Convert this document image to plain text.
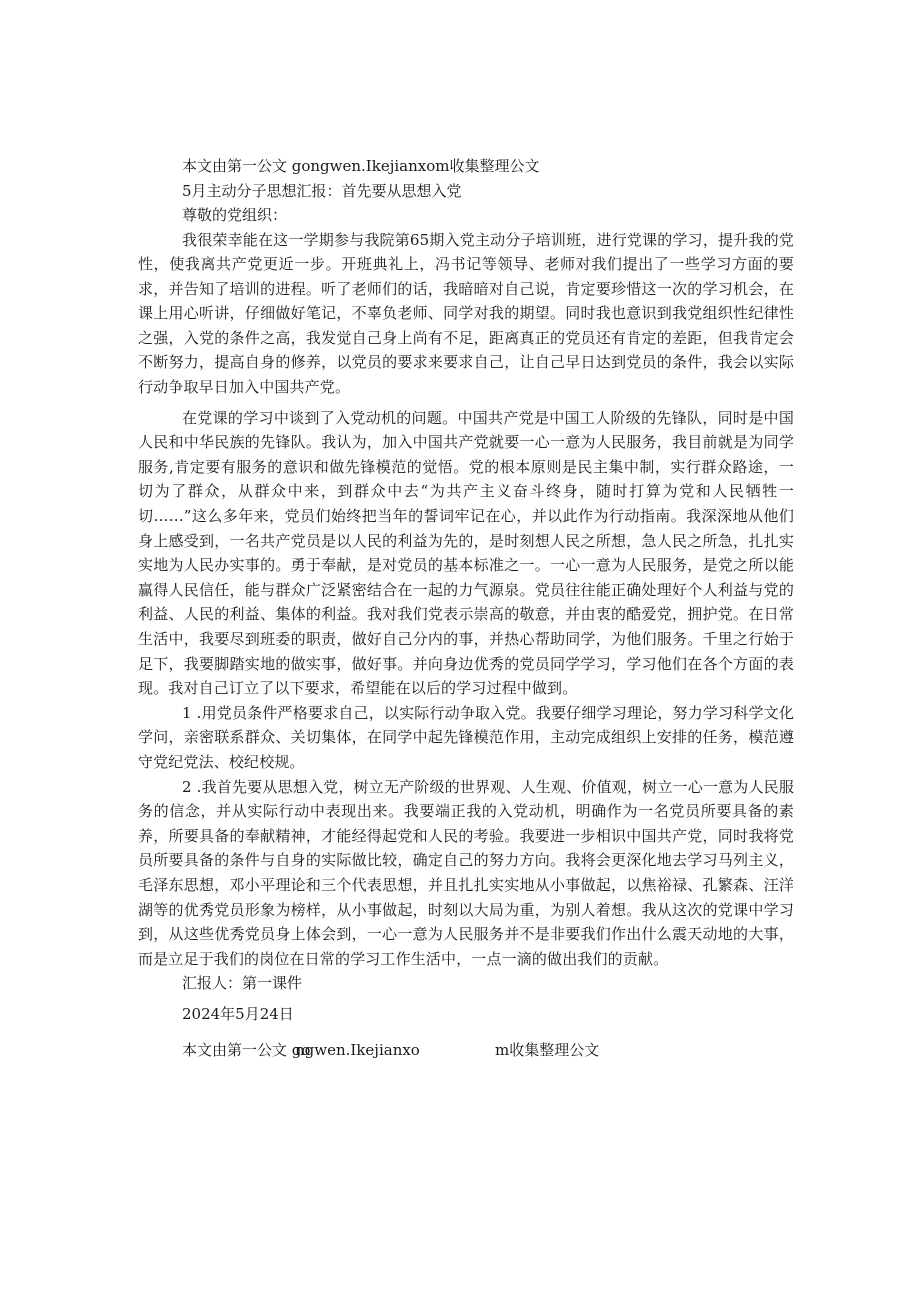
本文由第一公文 gongwen.Ikejianxom收集整理公文
5月主动分子思想汇报：首先要从思想入党
尊敬的党组织：

我很荣幸能在这一学期参与我院第65期入党主动分子培训班，进行党课的学习，提升我的党性，使我离共产党更近一步。开班典礼上，冯书记等领导、老师对我们提出了一些学习方面的要求，并告知了培训的进程。听了老师们的话，我暗暗对自己说，肯定要珍惜这一次的学习机会，在课上用心听讲，仔细做好笔记，不辜负老师、同学对我的期望。同时我也意识到我党组织性纪律性之强，入党的条件之高，我发觉自己身上尚有不足，距离真正的党员还有肯定的差距，但我肯定会不断努力，提高自身的修养，以党员的要求来要求自己，让自己早日达到党员的条件，我会以实际行动争取早日加入中国共产党。

在党课的学习中谈到了入党动机的问题。中国共产党是中国工人阶级的先锋队，同时是中国人民和中华民族的先锋队。我认为，加入中国共产党就要一心一意为人民服务，我目前就是为同学服务,肯定要有服务的意识和做先锋模范的觉悟。党的根本原则是民主集中制，实行群众路途，一切为了群众，从群众中来，到群众中去“为共产主义奋斗终身，随时打算为党和人民牺牲一切……”这么多年来，党员们始终把当年的誓词牢记在心，并以此作为行动指南。我深深地从他们身上感受到，一名共产党员是以人民的利益为先的，是时刻想人民之所想，急人民之所急，扎扎实实地为人民办实事的。勇于奉献，是对党员的基本标准之一。一心一意为人民服务，是党之所以能赢得人民信任，能与群众广泛紧密结合在一起的力气源泉。党员往往能正确处理好个人利益与党的利益、人民的利益、集体的利益。我对我们党表示崇高的敬意，并由衷的酷爱党，拥护党。在日常生活中，我要尽到班委的职责，做好自己分内的事，并热心帮助同学，为他们服务。千里之行始于足下，我要脚踏实地的做实事，做好事。并向身边优秀的党员同学学习，学习他们在各个方面的表现。我对自己订立了以下要求，希望能在以后的学习过程中做到。

1 .用党员条件严格要求自己，以实际行动争取入党。我要仔细学习理论，努力学习科学文化学问，亲密联系群众、关切集体，在同学中起先锋模范作用，主动完成组织上安排的任务，模范遵守党纪党法、校纪校规。

2 .我首先要从思想入党，树立无产阶级的世界观、人生观、价值观，树立一心一意为人民服务的信念，并从实际行动中表现出来。我要端正我的入党动机，明确作为一名党员所要具备的素养，所要具备的奉献精神，才能经得起党和人民的考验。我要进一步相识中国共产党，同时我将党员所要具备的条件与自身的实际做比较，确定自己的努力方向。我将会更深化地去学习马列主义，毛泽东思想，邓小平理论和三个代表思想，并且扎扎实实地从小事做起，以焦裕禄、孔繁森、汪洋湖等的优秀党员形象为榜样，从小事做起，时刻以大局为重，为别人着想。我从这次的党课中学习到，从这些优秀党员身上体会到，一心一意为人民服务并不是非要我们作出什么震天动地的大事，而是立足于我们的岗位在日常的学习工作生活中，一点一滴的做出我们的贡献。

汇报人：第一课件
2024年5月24日
本文由第一公文 gongwen.Ikejianxo	m收集整理公文
